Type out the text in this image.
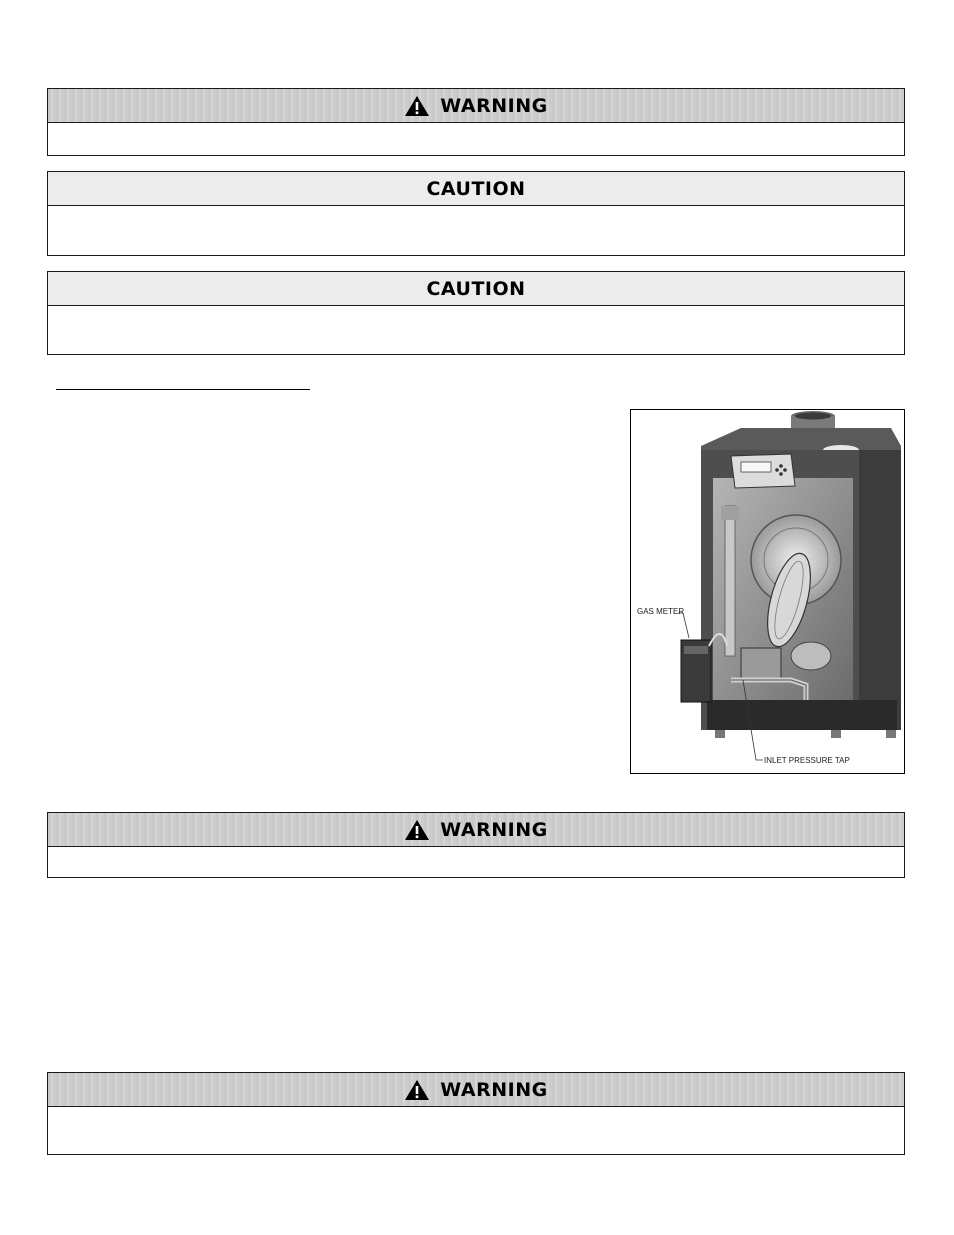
WARNING
CAUTION
CAUTION
GAS METER
INLET PRESSURE TAP
WARNING
WARNING
